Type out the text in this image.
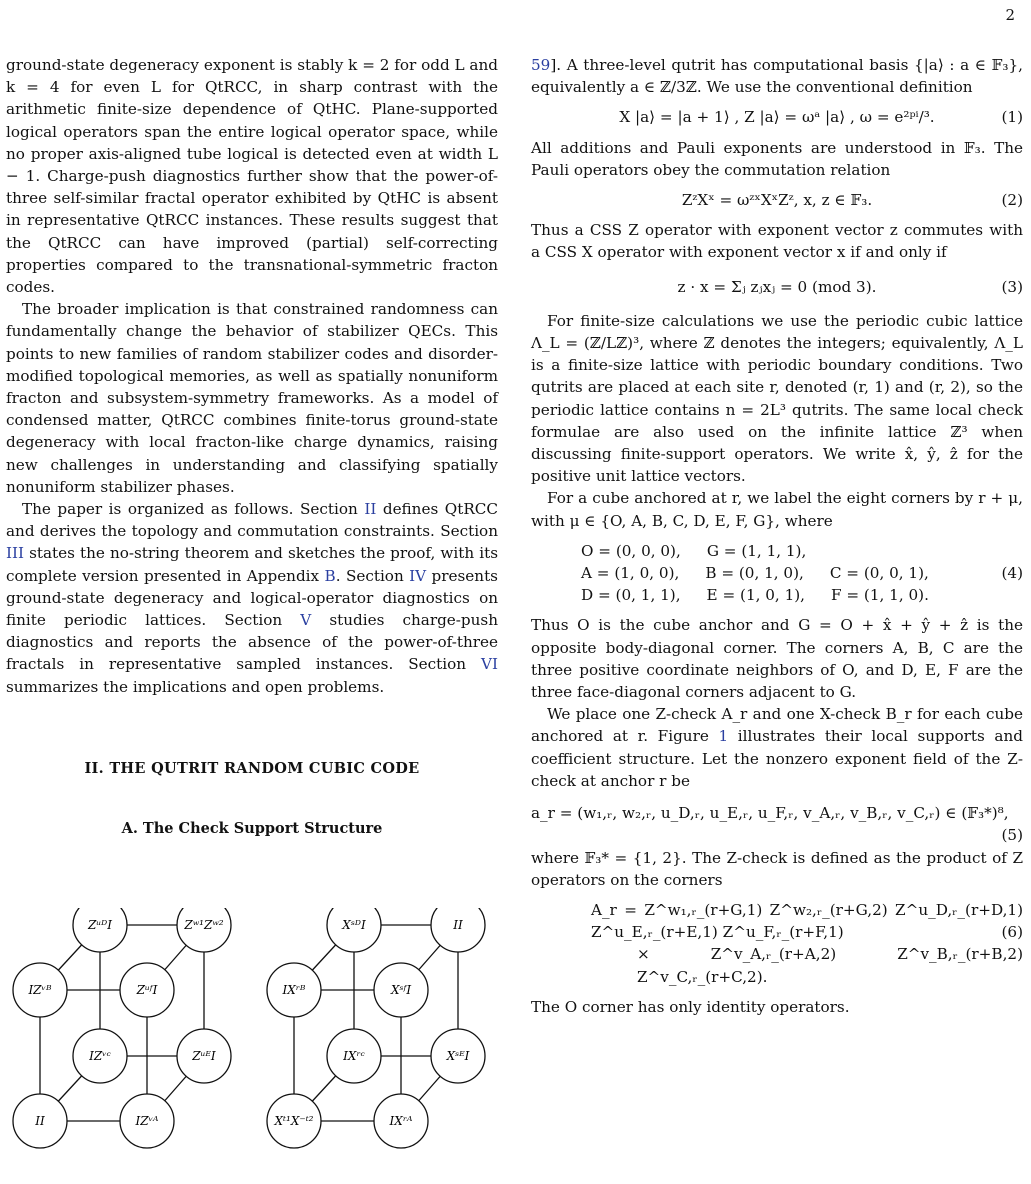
2

ground-state degeneracy exponent is stably k = 2 for odd L and k = 4 for even L for QtRCC, in sharp contrast with the arithmetic finite-size dependence of QtHC. Plane-supported logical operators span the entire logical operator space, while no proper axis-aligned tube logical is detected even at width L − 1. Charge-push diagnostics further show that the power-of-three self-similar fractal operator exhibited by QtHC is absent in representative QtRCC instances. These results suggest that the QtRCC can have improved (partial) self-correcting properties compared to the transnational-symmetric fracton codes.

The broader implication is that constrained randomness can fundamentally change the behavior of stabilizer QECs. This points to new families of random stabilizer codes and disorder-modified topological memories, as well as spatially nonuniform fracton and subsystem-symmetry frameworks. As a model of condensed matter, QtRCC combines finite-torus ground-state degeneracy with local fracton-like charge dynamics, raising new challenges in understanding and classifying spatially nonuniform stabilizer phases.

The paper is organized as follows. Section II defines QtRCC and derives the topology and commutation constraints. Section III states the no-string theorem and sketches the proof, with its complete version presented in Appendix B. Section IV presents ground-state degeneracy and logical-operator diagnostics on finite periodic lattices. Section V studies charge-push diagnostics and reports the absence of the power-of-three fractals in representative sampled instances. Section VI summarizes the implications and open problems.

II. THE QUTRIT RANDOM CUBIC CODE
A. The Check Support Structure
ZᵘᴰI	Zʷ¹Zʷ²
IZᵛᴮ	ZᵘᶠI
IZᵛᶜ	ZᵘᴱI
II	IZᵛᴬ
XˢᴰI	II
IXʳᴮ	XˢᶠI
IXʳᶜ	XˢᴱI
Xᵗ¹X⁻ᵗ²	IXʳᴬ

59]. A three-level qutrit has computational basis {|a⟩ : a ∈ 𝔽₃}, equivalently a ∈ ℤ/3ℤ. We use the conventional definition

X |a⟩ = |a + 1⟩ , Z |a⟩ = ωᵃ |a⟩ , ω = e²ᵖⁱ/³.	(1)

All additions and Pauli exponents are understood in 𝔽₃. The Pauli operators obey the commutation relation

ZᶻXˣ = ωᶻˣXˣZᶻ, x, z ∈ 𝔽₃.	(2)

Thus a CSS Z operator with exponent vector z commutes with a CSS X operator with exponent vector x if and only if

z · x = Σⱼ zⱼxⱼ = 0 (mod 3).	(3)

For finite-size calculations we use the periodic cubic lattice Λ_L = (ℤ/Lℤ)³, where ℤ denotes the integers; equivalently, Λ_L is a finite-size lattice with periodic boundary conditions. Two qutrits are placed at each site r, denoted (r, 1) and (r, 2), so the periodic lattice contains n = 2L³ qutrits. The same local check formulae are also used on the infinite lattice ℤ³ when discussing finite-support operators. We write x̂, ŷ, ẑ for the positive unit lattice vectors.

For a cube anchored at r, we label the eight corners by r + μ, with μ ∈ {O, A, B, C, D, E, F, G}, where

O = (0, 0, 0), G = (1, 1, 1),
A = (1, 0, 0), B = (0, 1, 0), C = (0, 0, 1),
D = (0, 1, 1), E = (1, 0, 1), F = (1, 1, 0).
(4)

Thus O is the cube anchor and G = O + x̂ + ŷ + ẑ is the opposite body-diagonal corner. The corners A, B, C are the three positive coordinate neighbors of O, and D, E, F are the three face-diagonal corners adjacent to G.

We place one Z-check A_r and one X-check B_r for each cube anchored at r. Figure 1 illustrates their local supports and coefficient structure. Let the nonzero exponent field of the Z-check at anchor r be

a_r = (w₁,ᵣ, w₂,ᵣ, u_D,ᵣ, u_E,ᵣ, u_F,ᵣ, v_A,ᵣ, v_B,ᵣ, v_C,ᵣ) ∈ (𝔽₃*)⁸,
(5)

where 𝔽₃* = {1, 2}. The Z-check is defined as the product of Z operators on the corners

A_r = Z^w₁,ᵣ_(r+G,1) Z^w₂,ᵣ_(r+G,2) Z^u_D,ᵣ_(r+D,1) Z^u_E,ᵣ_(r+E,1) Z^u_F,ᵣ_(r+F,1)
× Z^v_A,ᵣ_(r+A,2) Z^v_B,ᵣ_(r+B,2) Z^v_C,ᵣ_(r+C,2).
(6)

The O corner has only identity operators.
